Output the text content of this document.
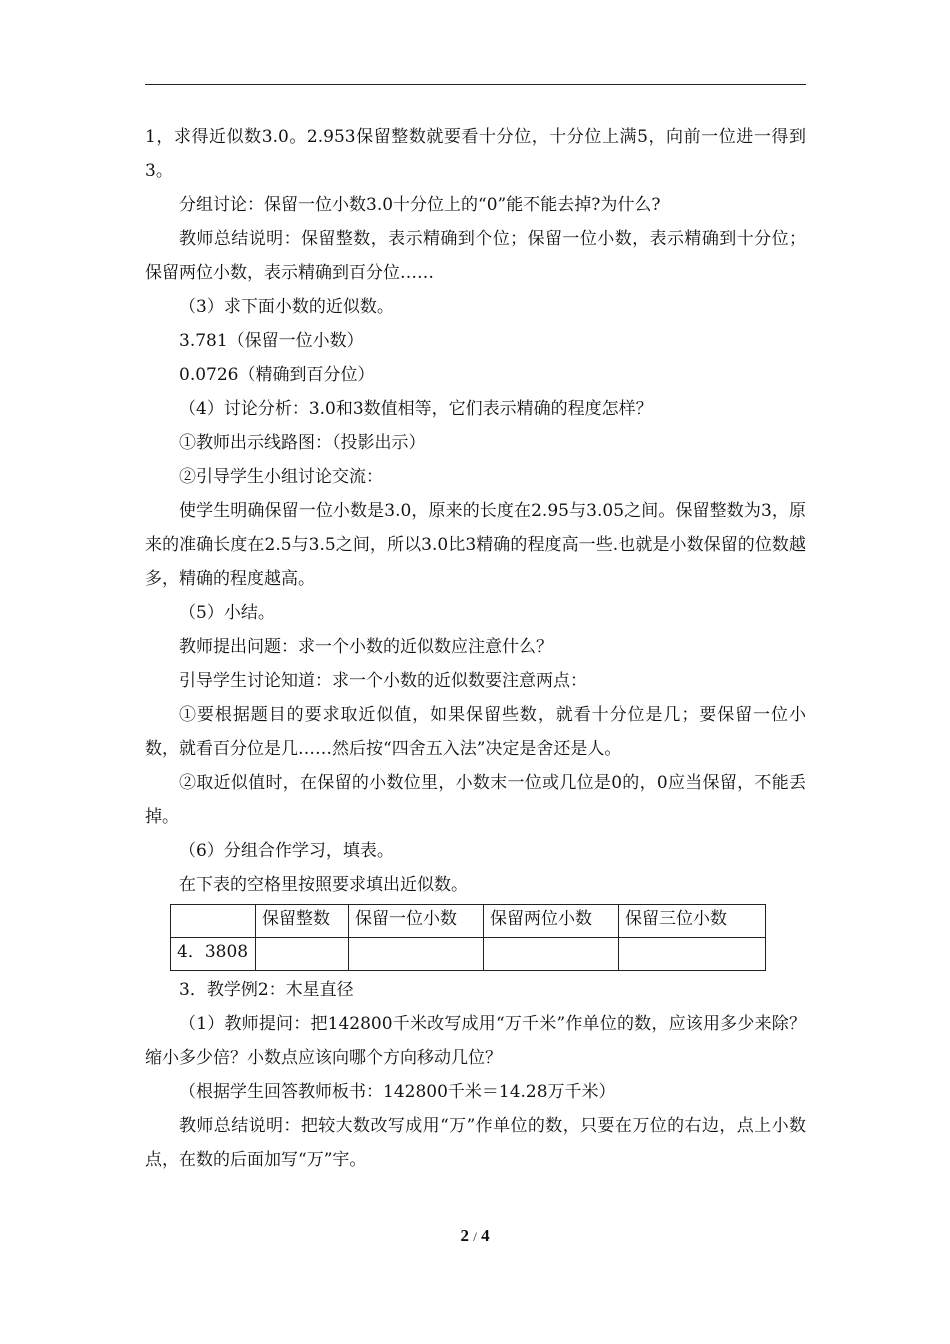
1，求得近似数3.0。2.953保留整数就要看十分位，十分位上满5，向前一位进一得到3。

分组讨论：保留一位小数3.0十分位上的“0”能不能去掉?为什么?

教师总结说明：保留整数，表示精确到个位；保留一位小数，表示精确到十分位；保留两位小数，表示精确到百分位……

（3）求下面小数的近似数。

3.781（保留一位小数）

0.0726（精确到百分位）

（4）讨论分析：3.0和3数值相等，它们表示精确的程度怎样？

①教师出示线路图：（投影出示）

②引导学生小组讨论交流：

使学生明确保留一位小数是3.0，原来的长度在2.95与3.05之间。保留整数为3，原来的准确长度在2.5与3.5之间，所以3.0比3精确的程度高一些.也就是小数保留的位数越多，精确的程度越高。

（5）小结。

教师提出问题：求一个小数的近似数应注意什么？

引导学生讨论知道：求一个小数的近似数要注意两点：

①要根据题目的要求取近似值，如果保留些数，就看十分位是几；要保留一位小数，就看百分位是几……然后按“四舍五入法”决定是舍还是人。

②取近似值时，在保留的小数位里，小数末一位或几位是0的，0应当保留，不能丢掉。

（6）分组合作学习，填表。

在下表的空格里按照要求填出近似数。

	保留整数	保留一位小数	保留两位小数	保留三位小数
4．3808				

3．教学例2：木星直径

（1）教师提问：把142800千米改写成用“万千米”作单位的数，应该用多少来除？缩小多少倍？小数点应该向哪个方向移动几位？

（根据学生回答教师板书：142800千米＝14.28万千米）

教师总结说明：把较大数改写成用“万”作单位的数，只要在万位的右边，点上小数点，在数的后面加写“万”宇。

2 / 4
